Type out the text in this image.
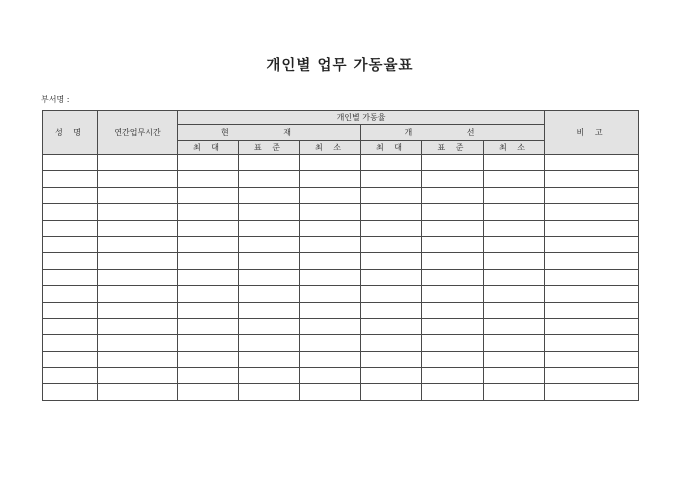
개인별 업무 가동율표
부서명 :
성 명	연간업무시간	개인별 가동율						비 고
		현 재			개 선			
		최 대	표 준	최 소	최 대	표 준	최 소	
